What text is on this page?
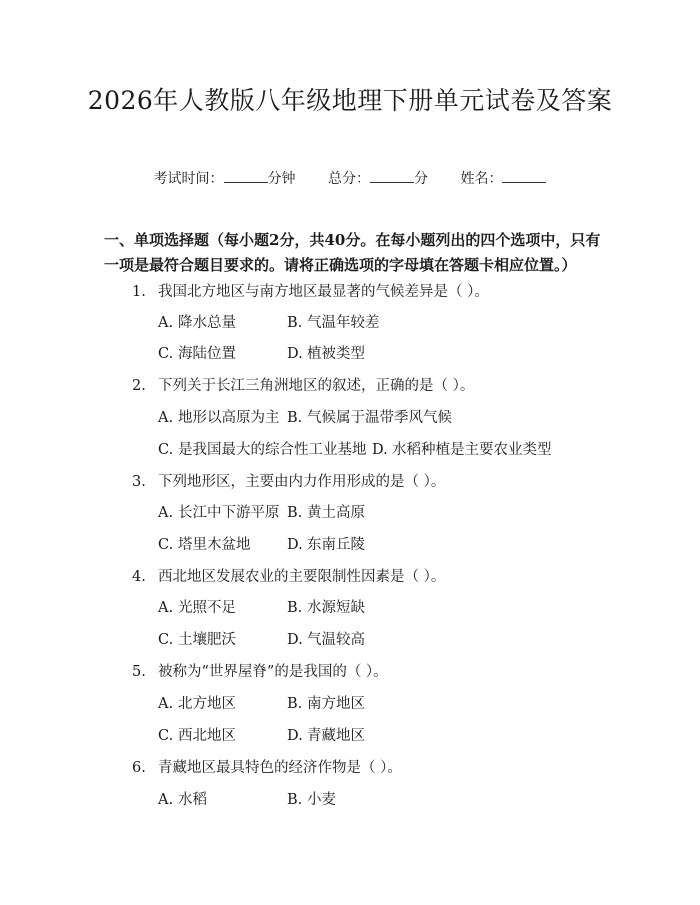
2026年人教版八年级地理下册单元试卷及答案
考试时间：	分钟 总分：	分 姓名：
一、单项选择题（每小题2分，共40分。在每小题列出的四个选项中，只有一项是最符合题目要求的。请将正确选项的字母填在答题卡相应位置。）
1. 我国北方地区与南方地区最显著的气候差异是（ ）。
A. 降水总量	B. 气温年较差
C. 海陆位置	D. 植被类型
2. 下列关于长江三角洲地区的叙述，正确的是（ ）。
A. 地形以高原为主 B. 气候属于温带季风气候
C. 是我国最大的综合性工业基地 D. 水稻种植是主要农业类型
3. 下列地形区，主要由内力作用形成的是（ ）。
A. 长江中下游平原 B. 黄土高原
C. 塔里木盆地	D. 东南丘陵
4. 西北地区发展农业的主要限制性因素是（ ）。
A. 光照不足	B. 水源短缺
C. 土壤肥沃	D. 气温较高
5. 被称为“世界屋脊”的是我国的（ ）。
A. 北方地区	B. 南方地区
C. 西北地区	D. 青藏地区
6. 青藏地区最具特色的经济作物是（ ）。
A. 水稻	B. 小麦
